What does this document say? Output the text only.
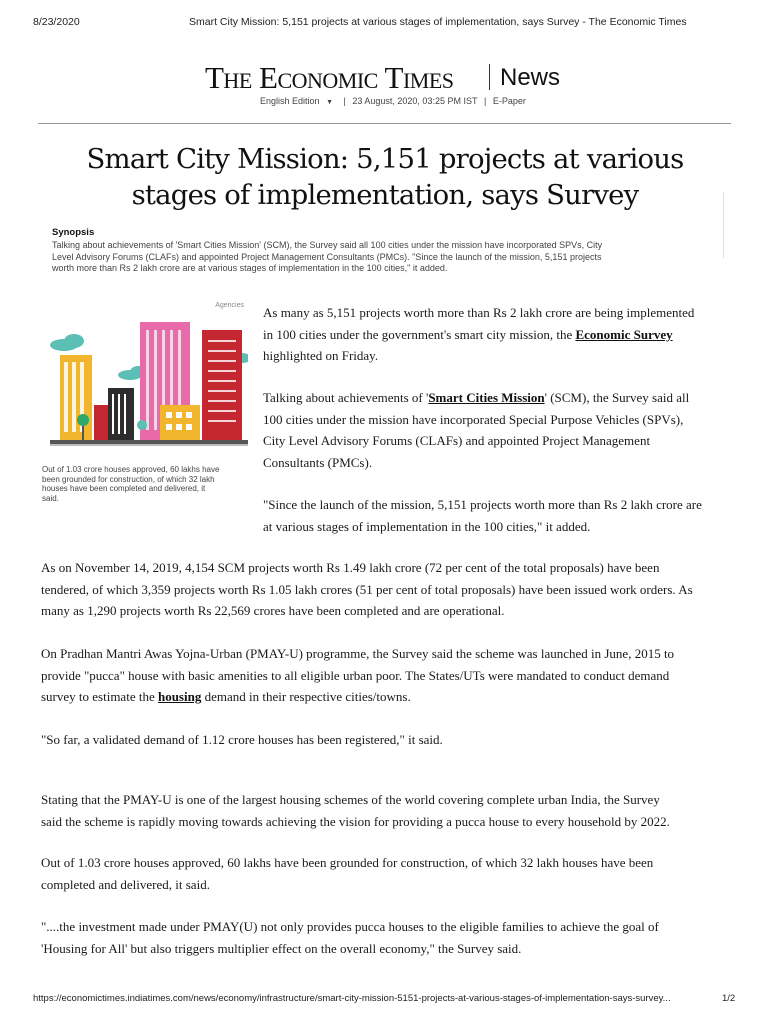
8/23/2020	Smart City Mission: 5,151 projects at various stages of implementation, says Survey - The Economic Times
The Economic Times News
English Edition ▼ | 23 August, 2020, 03:25 PM IST | E-Paper
Smart City Mission: 5,151 projects at various
stages of implementation, says Survey
Synopsis
Talking about achievements of 'Smart Cities Mission' (SCM), the Survey said all 100 cities under the mission have incorporated SPVs, City
Level Advisory Forums (CLAFs) and appointed Project Management Consultants (PMCs). "Since the launch of the mission, 5,151 projects
worth more than Rs 2 lakh crore are at various stages of implementation in the 100 cities," it added.
Agencies
Out of 1.03 crore houses approved, 60 lakhs have
been grounded for construction, of which 32 lakh
houses have been completed and delivered, it
said.

As many as 5,151 projects worth more than Rs 2 lakh crore are being implemented
in 100 cities under the government's smart city mission, the Economic Survey
highlighted on Friday.

Talking about achievements of 'Smart Cities Mission' (SCM), the Survey said all
100 cities under the mission have incorporated Special Purpose Vehicles (SPVs),
City Level Advisory Forums (CLAFs) and appointed Project Management
Consultants (PMCs).

"Since the launch of the mission, 5,151 projects worth more than Rs 2 lakh crore are
at various stages of implementation in the 100 cities," it added.

As on November 14, 2019, 4,154 SCM projects worth Rs 1.49 lakh crore (72 per cent of the total proposals) have been
tendered, of which 3,359 projects worth Rs 1.05 lakh crores (51 per cent of total proposals) have been issued work orders. As
many as 1,290 projects worth Rs 22,569 crores have been completed and are operational.

On Pradhan Mantri Awas Yojna-Urban (PMAY-U) programme, the Survey said the scheme was launched in June, 2015 to
provide "pucca" house with basic amenities to all eligible urban poor. The States/UTs were mandated to conduct demand
survey to estimate the housing demand in their respective cities/towns.

"So far, a validated demand of 1.12 crore houses has been registered," it said.

Stating that the PMAY-U is one of the largest housing schemes of the world covering complete urban India, the Survey
said the scheme is rapidly moving towards achieving the vision for providing a pucca house to every household by 2022.

Out of 1.03 crore houses approved, 60 lakhs have been grounded for construction, of which 32 lakh houses have been
completed and delivered, it said.

"....the investment made under PMAY(U) not only provides pucca houses to the eligible families to achieve the goal of
'Housing for All' but also triggers multiplier effect on the overall economy," the Survey said.

https://economictimes.indiatimes.com/news/economy/infrastructure/smart-city-mission-5151-projects-at-various-stages-of-implementation-says-survey...	1/2
